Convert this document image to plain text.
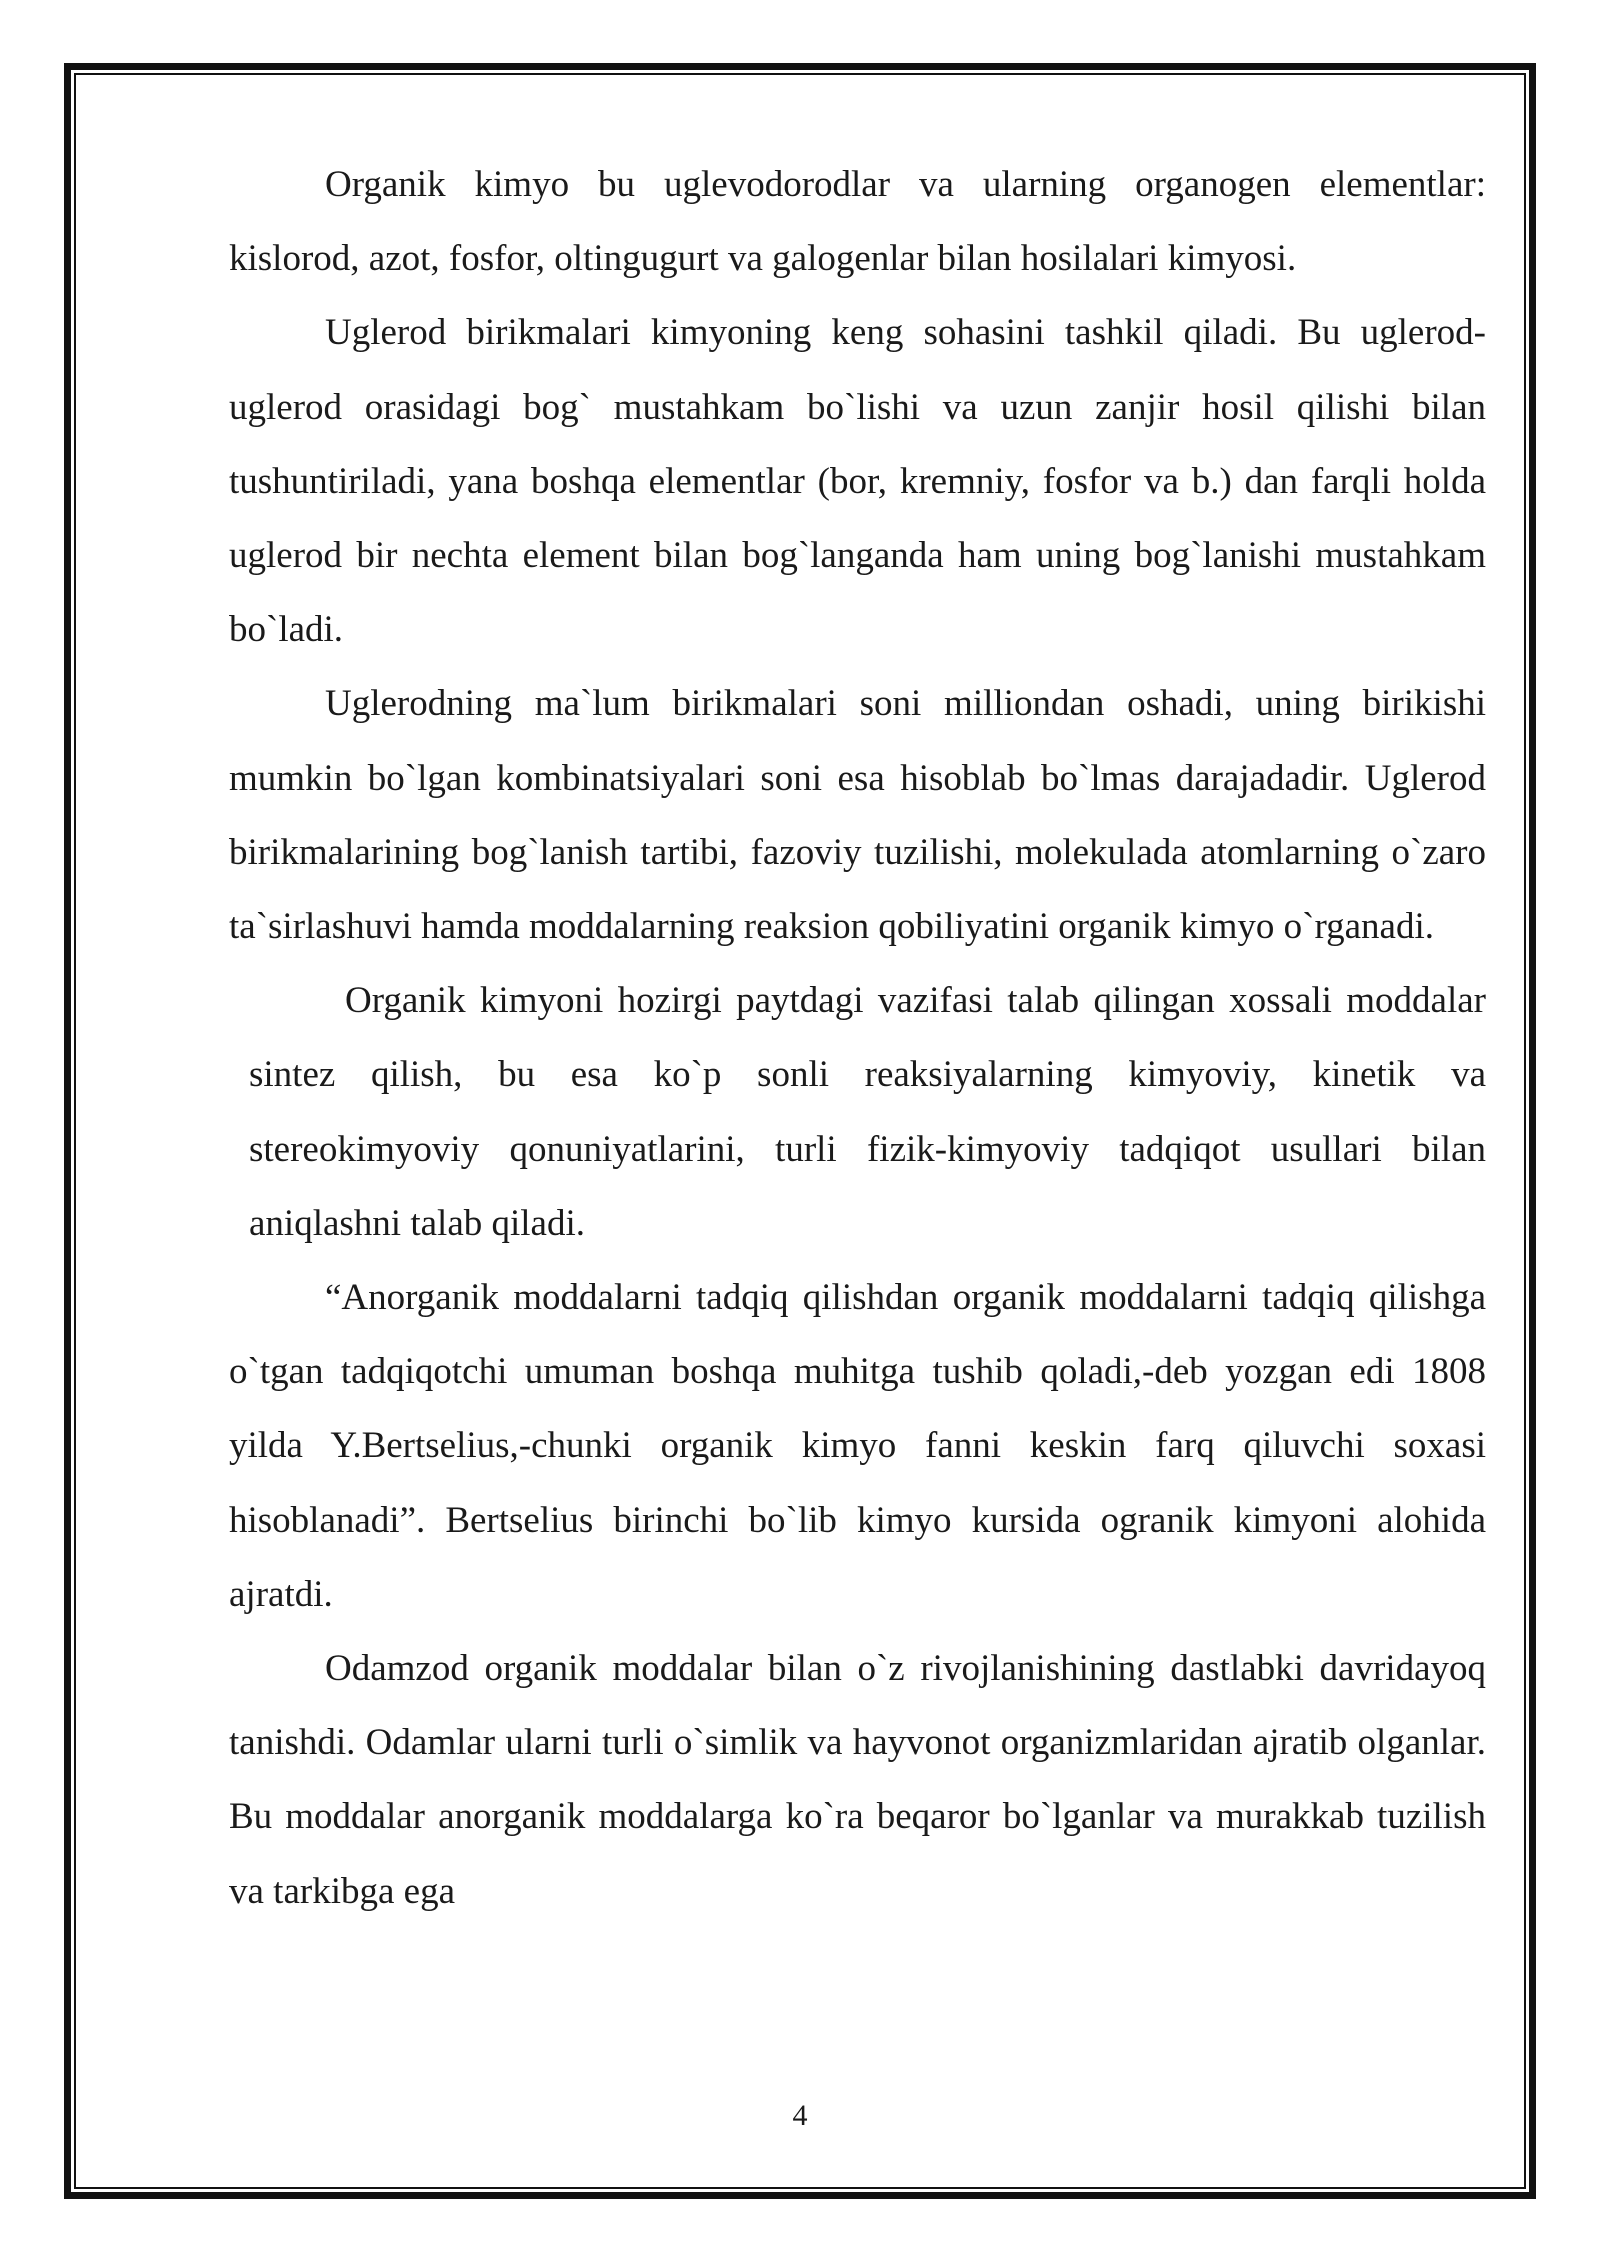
Organik kimyo bu uglevodorodlar va ularning organogen elementlar: kislorod, azot, fosfor, oltingugurt va galogenlar bilan hosilalari kimyosi.

Uglerod birikmalari kimyoning keng sohasini tashkil qiladi. Bu uglerod-uglerod orasidagi bog` mustahkam bo`lishi va uzun zanjir hosil qilishi bilan tushuntiriladi, yana boshqa elementlar (bor, kremniy, fosfor va b.) dan farqli holda uglerod bir nechta element bilan bog`langanda ham uning bog`lanishi mustahkam bo`ladi.

Uglerodning ma`lum birikmalari soni milliondan oshadi, uning birikishi mumkin bo`lgan kombinatsiyalari soni esa hisoblab bo`lmas darajadadir. Uglerod birikmalarining bog`lanish tartibi, fazoviy tuzilishi, molekulada atomlarning o`zaro ta`sirlashuvi hamda moddalarning reaksion qobiliyatini organik kimyo o`rganadi.

Organik kimyoni hozirgi paytdagi vazifasi talab qilingan xossali moddalar sintez qilish, bu esa ko`p sonli reaksiyalarning kimyoviy, kinetik va stereokimyoviy qonuniyatlarini, turli fizik-kimyoviy tadqiqot usullari bilan aniqlashni talab qiladi.

“Anorganik moddalarni tadqiq qilishdan organik moddalarni tadqiq qilishga o`tgan tadqiqotchi umuman boshqa muhitga tushib qoladi,-deb yozgan edi 1808 yilda Y.Bertselius,-chunki organik kimyo fanni keskin farq qiluvchi soxasi hisoblanadi”. Bertselius birinchi bo`lib kimyo kursida ogranik kimyoni alohida ajratdi.

Odamzod organik moddalar bilan o`z rivojlanishining dastlabki davridayoq tanishdi. Odamlar ularni turli o`simlik va hayvonot organizmlaridan ajratib olganlar. Bu moddalar anorganik moddalarga ko`ra beqaror bo`lganlar va murakkab tuzilish va tarkibga ega

4
